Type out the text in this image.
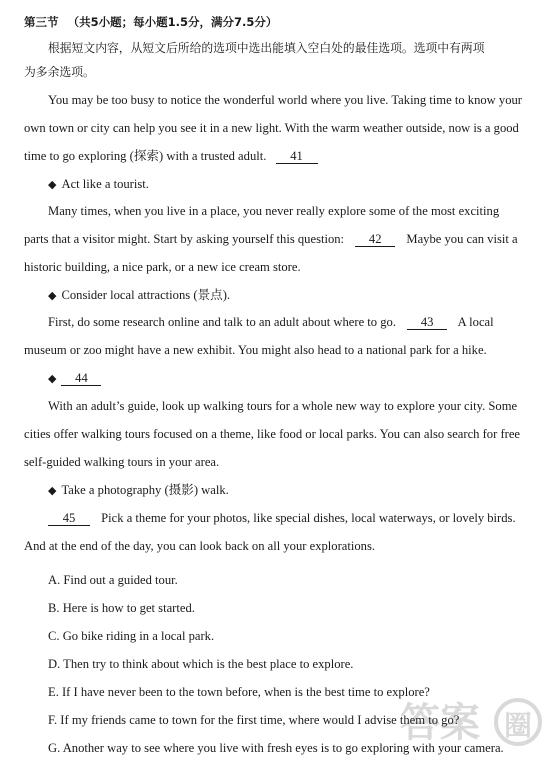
第三节 （共5小题；每小题1.5分，满分7.5分）
根据短文内容，从短文后所给的选项中选出能填入空白处的最佳选项。选项中有两项
为多余选项。
You may be too busy to notice the wonderful world where you live. Taking time to know your
own town or city can help you see it in a new light. With the warm weather outside, now is a good
time to go exploring (探索) with a trusted adult. 41
◆ Act like a tourist.
Many times, when you live in a place, you never really explore some of the most exciting
parts that a visitor might. Start by asking yourself this question: 42 Maybe you can visit a
historic building, a nice park, or a new ice cream store.
◆ Consider local attractions (景点).
First, do some research online and talk to an adult about where to go. 43 A local
museum or zoo might have a new exhibit. You might also head to a national park for a hike.
◆ 44
With an adult’s guide, look up walking tours for a whole new way to explore your city. Some
cities offer walking tours focused on a theme, like food or local parks. You can also search for free
self-guided walking tours in your area.
◆ Take a photography (摄影) walk.
45 Pick a theme for your photos, like special dishes, local waterways, or lovely birds.
And at the end of the day, you can look back on all your explorations.
A. Find out a guided tour.
B. Here is how to get started.
C. Go bike riding in a local park.
D. Then try to think about which is the best place to explore.
E. If I have never been to the town before, when is the best time to explore?
F. If my friends came to town for the first time, where would I advise them to go?
G. Another way to see where you live with fresh eyes is to go exploring with your camera.
答案 圈
